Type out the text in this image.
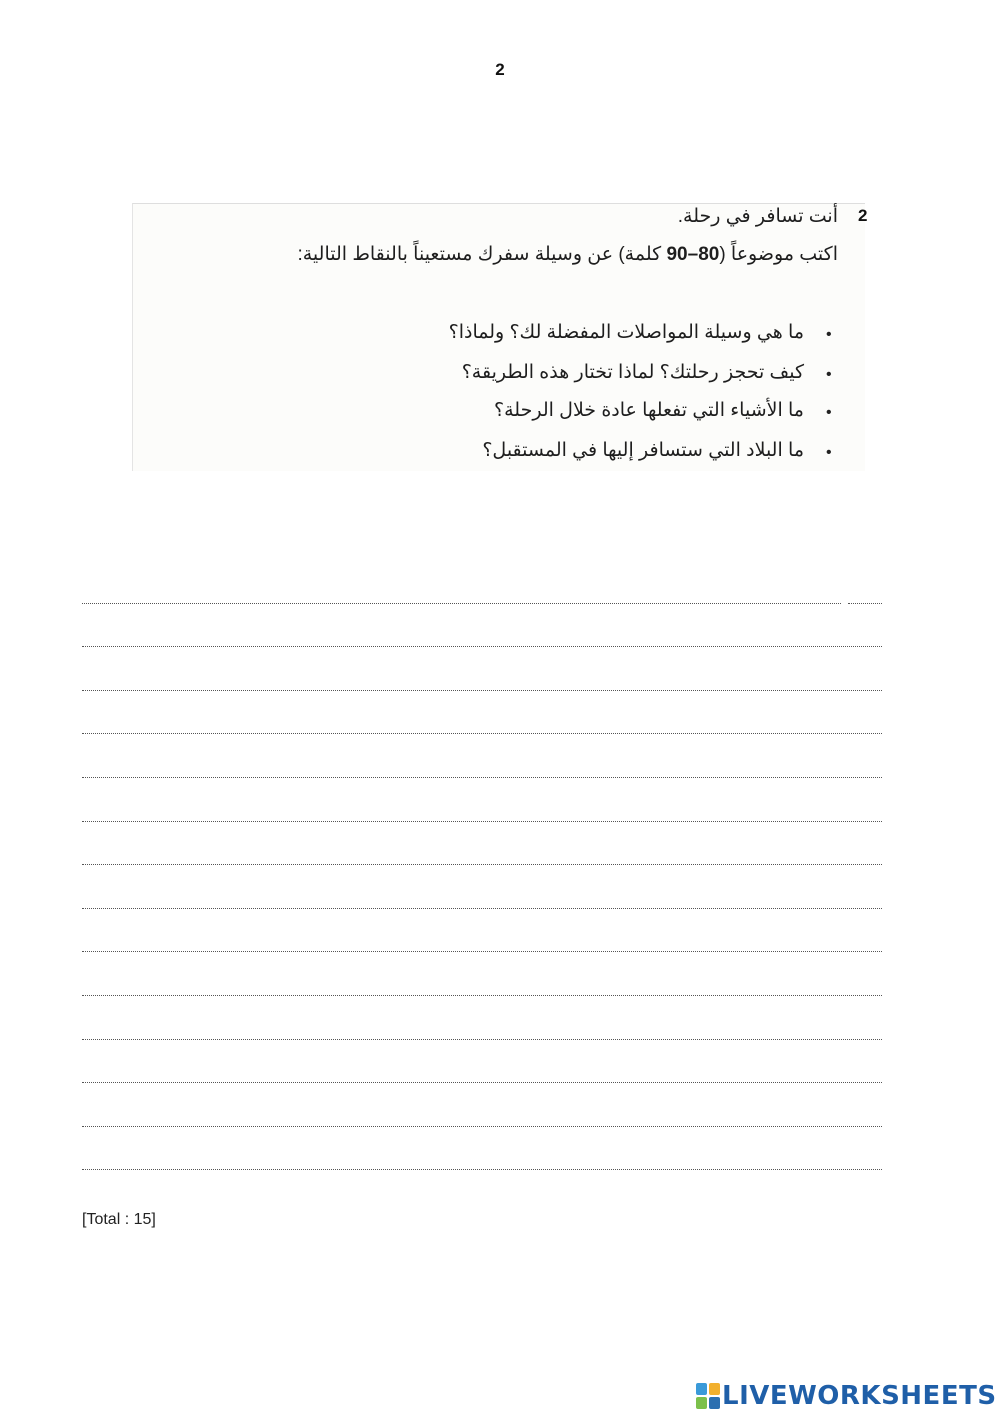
2
2
أنت تسافر في رحلة.
اكتب موضوعاً (80–90 كلمة) عن وسيلة سفرك مستعيناً بالنقاط التالية:
•
ما هي وسيلة المواصلات المفضلة لك؟ ولماذا؟
•
كيف تحجز رحلتك؟ لماذا تختار هذه الطريقة؟
•
ما الأشياء التي تفعلها عادة خلال الرحلة؟
•
ما البلاد التي ستسافر إليها في المستقبل؟
[Total : 15]
LIVEWORKSHEETS
